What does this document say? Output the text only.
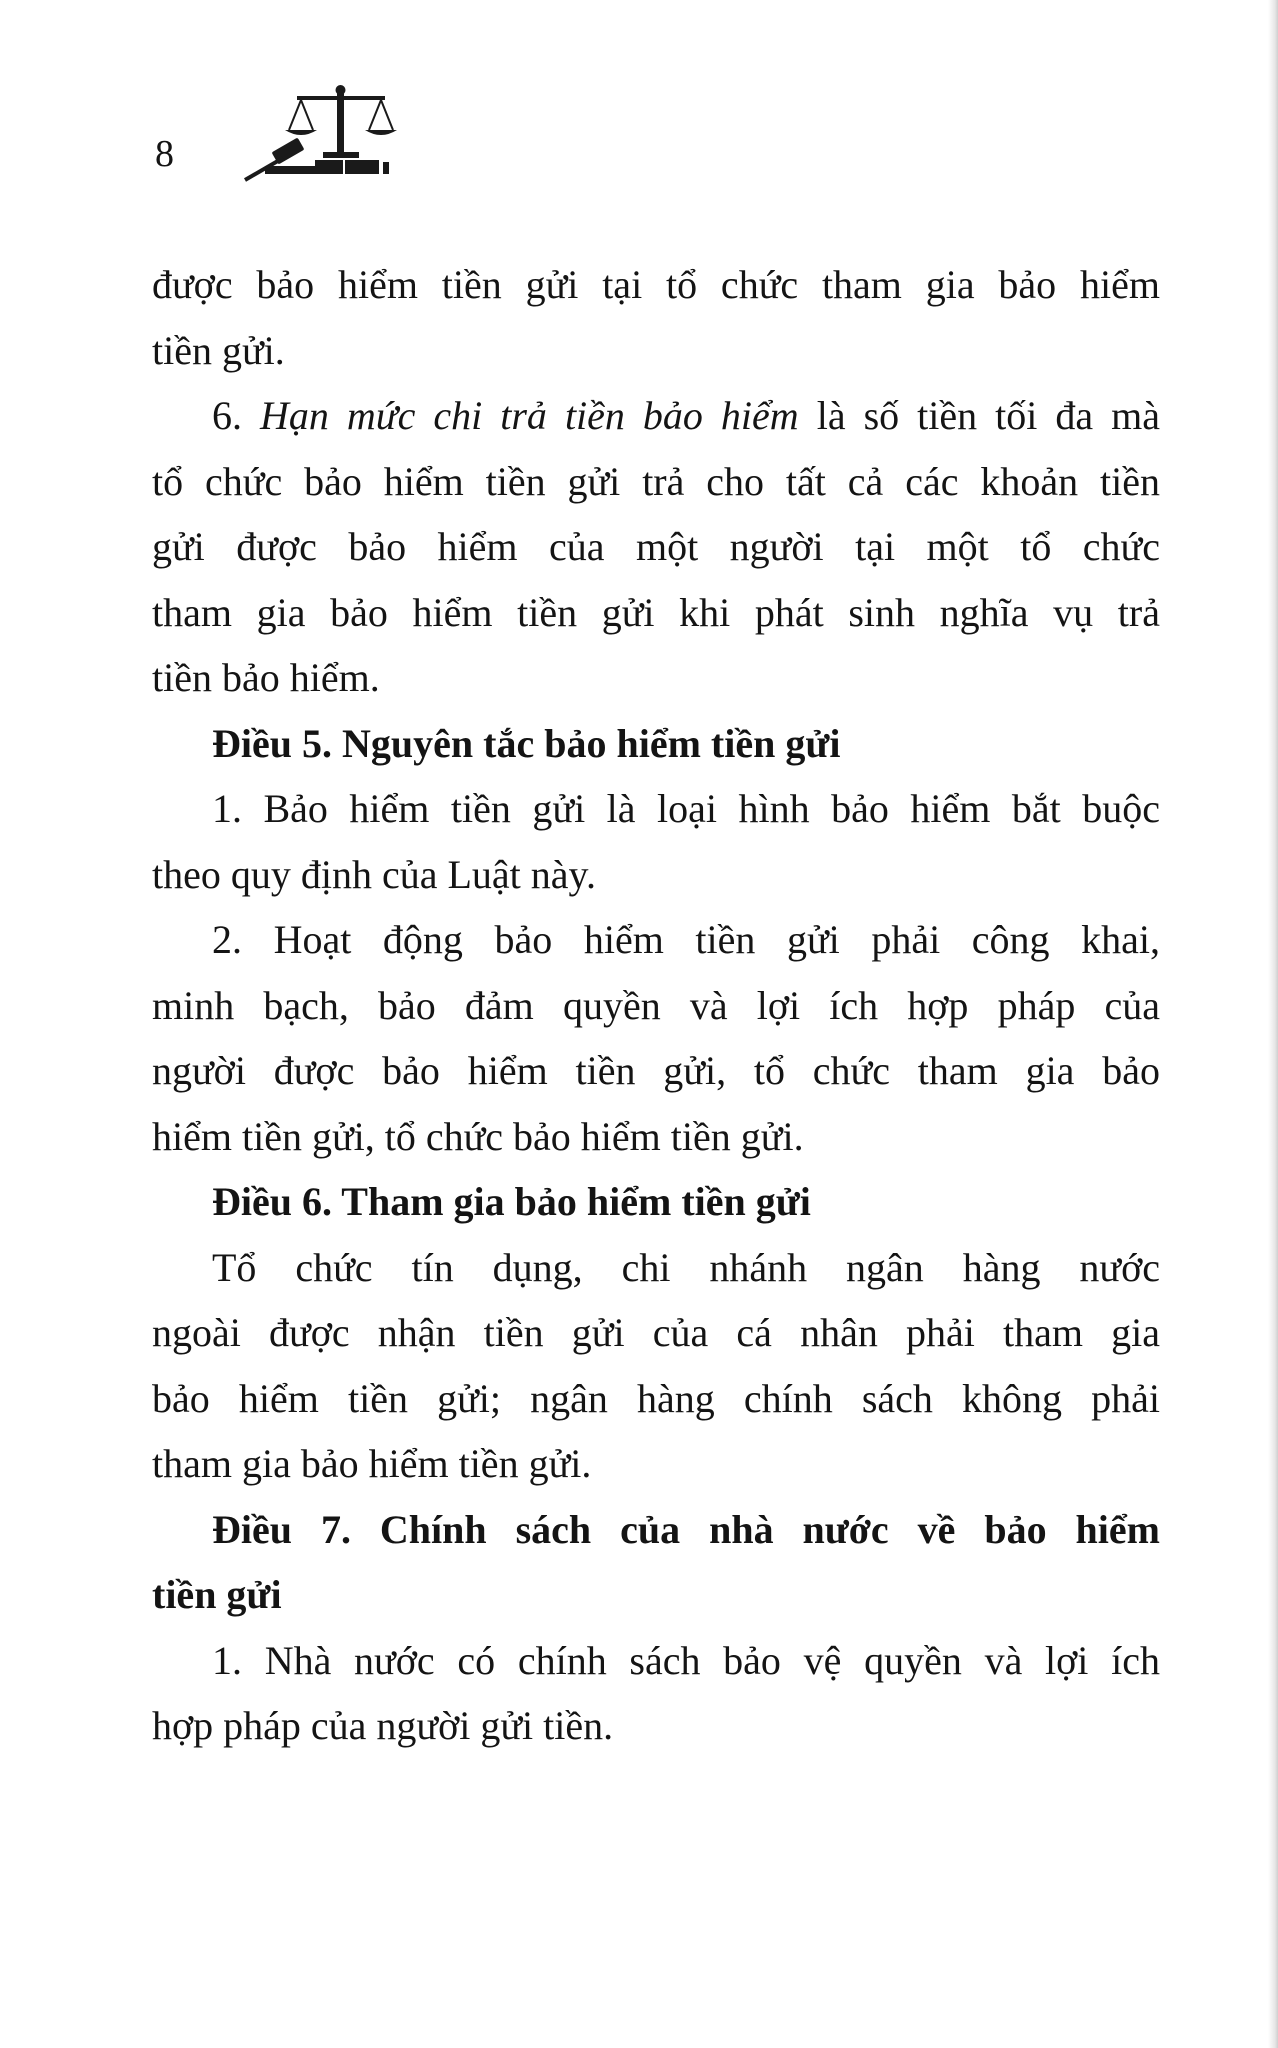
8
được bảo hiểm tiền gửi tại tổ chức tham gia bảo hiểm
tiền gửi.
6. Hạn mức chi trả tiền bảo hiểm là số tiền tối đa mà
tổ chức bảo hiểm tiền gửi trả cho tất cả các khoản tiền
gửi được bảo hiểm của một người tại một tổ chức
tham gia bảo hiểm tiền gửi khi phát sinh nghĩa vụ trả
tiền bảo hiểm.
Điều 5. Nguyên tắc bảo hiểm tiền gửi
1. Bảo hiểm tiền gửi là loại hình bảo hiểm bắt buộc
theo quy định của Luật này.
2. Hoạt động bảo hiểm tiền gửi phải công khai,
minh bạch, bảo đảm quyền và lợi ích hợp pháp của
người được bảo hiểm tiền gửi, tổ chức tham gia bảo
hiểm tiền gửi, tổ chức bảo hiểm tiền gửi.
Điều 6. Tham gia bảo hiểm tiền gửi
Tổ chức tín dụng, chi nhánh ngân hàng nước
ngoài được nhận tiền gửi của cá nhân phải tham gia
bảo hiểm tiền gửi; ngân hàng chính sách không phải
tham gia bảo hiểm tiền gửi.
Điều 7. Chính sách của nhà nước về bảo hiểm
tiền gửi
1. Nhà nước có chính sách bảo vệ quyền và lợi ích
hợp pháp của người gửi tiền.
